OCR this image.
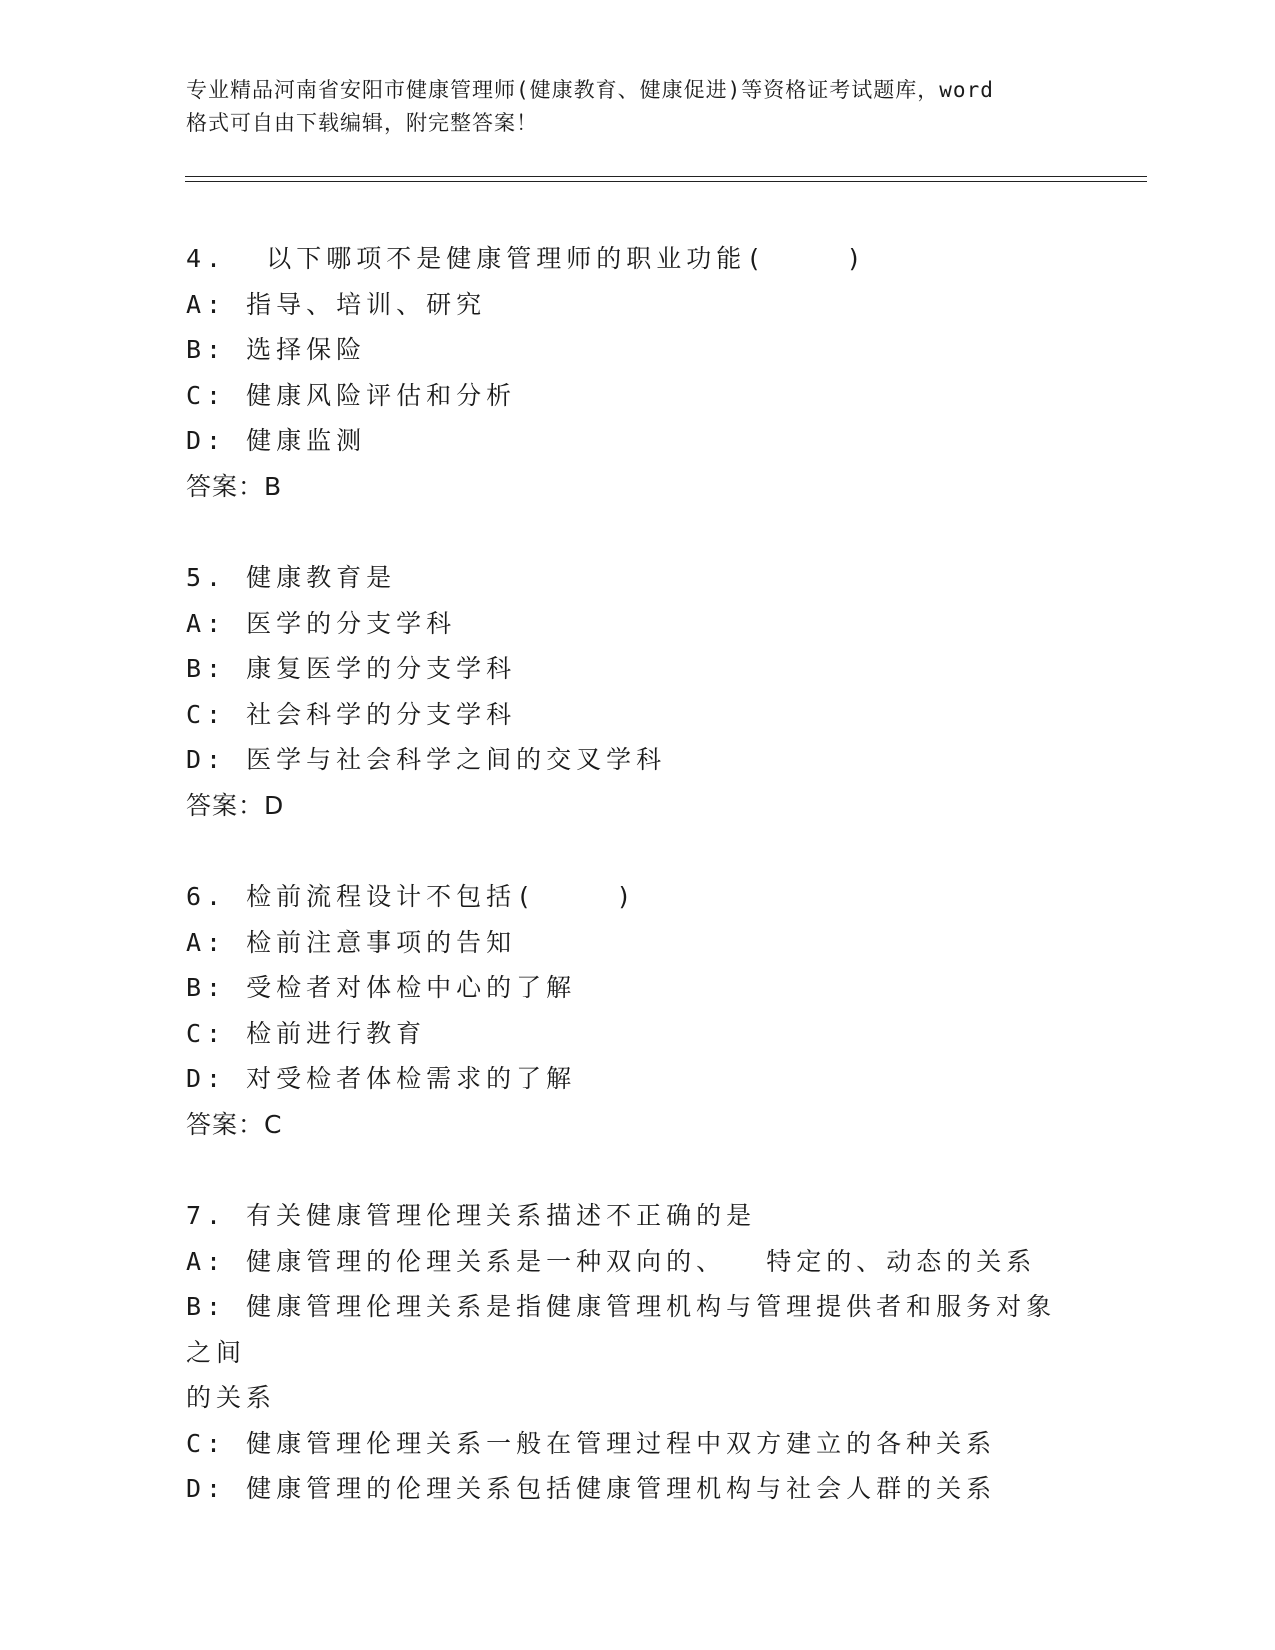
专业精品河南省安阳市健康管理师(健康教育、健康促进)等资格证考试题库，word
格式可自由下载编辑，附完整答案！
4.  以下哪项不是健康管理师的职业功能(    )
A: 指导、培训、研究
B: 选择保险
C: 健康风险评估和分析
D: 健康监测
答案：B
5. 健康教育是
A: 医学的分支学科
B: 康复医学的分支学科
C: 社会科学的分支学科
D: 医学与社会科学之间的交叉学科
答案：D
6. 检前流程设计不包括(    )
A: 检前注意事项的告知
B: 受检者对体检中心的了解
C: 检前进行教育
D: 对受检者体检需求的了解
答案：C
7. 有关健康管理伦理关系描述不正确的是
A: 健康管理的伦理关系是一种双向的、  特定的、动态的关系
B: 健康管理伦理关系是指健康管理机构与管理提供者和服务对象之间
的关系
C: 健康管理伦理关系一般在管理过程中双方建立的各种关系
D: 健康管理的伦理关系包括健康管理机构与社会人群的关系
